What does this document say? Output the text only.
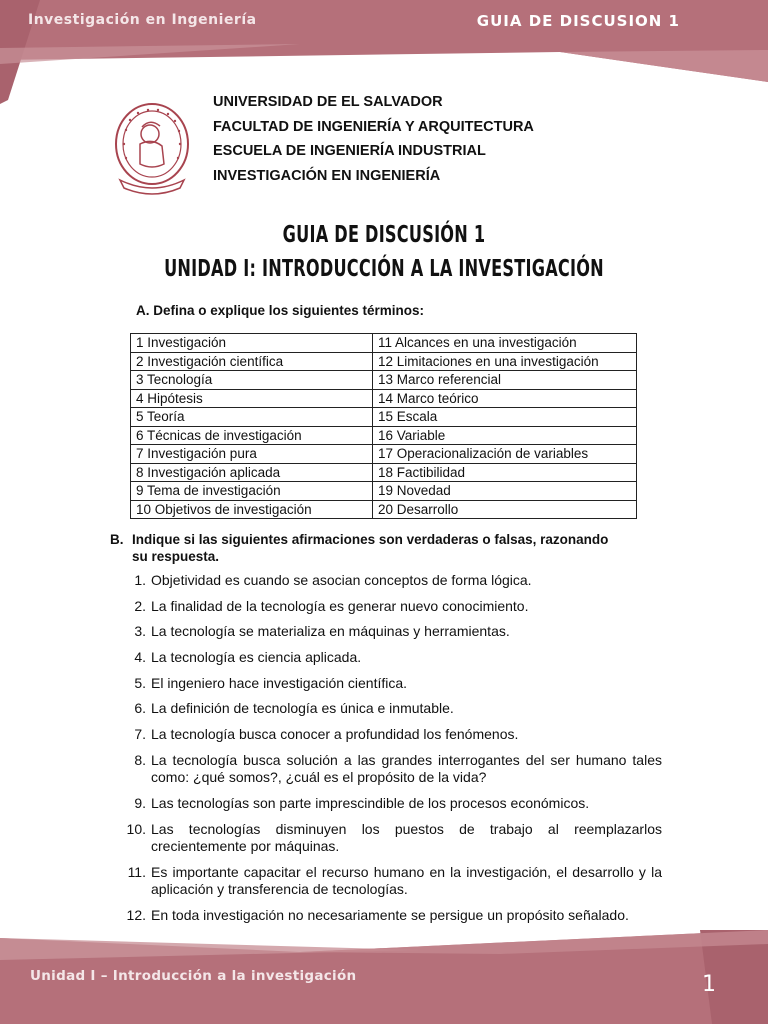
Investigación en Ingeniería	GUIA DE DISCUSION 1
UNIVERSIDAD DE EL SALVADOR
FACULTAD DE INGENIERÍA Y ARQUITECTURA
ESCUELA DE INGENIERÍA INDUSTRIAL
INVESTIGACIÓN EN INGENIERÍA
GUIA DE DISCUSIÓN 1
UNIDAD I: INTRODUCCIÓN A LA INVESTIGACIÓN
A. Defina o explique los siguientes términos:
1 Investigación	11 Alcances en una investigación
2 Investigación científica	12 Limitaciones en una investigación
3 Tecnología	13 Marco referencial
4 Hipótesis	14 Marco teórico
5 Teoría	15 Escala
6 Técnicas de investigación	16 Variable
7 Investigación pura	17 Operacionalización de variables
8 Investigación aplicada	18 Factibilidad
9 Tema de investigación	19 Novedad
10 Objetivos de investigación	20 Desarrollo
B. Indique si las siguientes afirmaciones son verdaderas o falsas, razonando
su respuesta.
1. Objetividad es cuando se asocian conceptos de forma lógica.
2. La finalidad de la tecnología es generar nuevo conocimiento.
3. La tecnología se materializa en máquinas y herramientas.
4. La tecnología es ciencia aplicada.
5. El ingeniero hace investigación científica.
6. La definición de tecnología es única e inmutable.
7. La tecnología busca conocer a profundidad los fenómenos.
8. La tecnología busca solución a las grandes interrogantes del ser humano tales como: ¿qué somos?, ¿cuál es el propósito de la vida?
9. Las tecnologías son parte imprescindible de los procesos económicos.
10. Las tecnologías disminuyen los puestos de trabajo al reemplazarlos crecientemente por máquinas.
11. Es importante capacitar el recurso humano en la investigación, el desarrollo y la aplicación y transferencia de tecnologías.
12. En toda investigación no necesariamente se persigue un propósito señalado.
Unidad I – Introducción a la investigación	1
